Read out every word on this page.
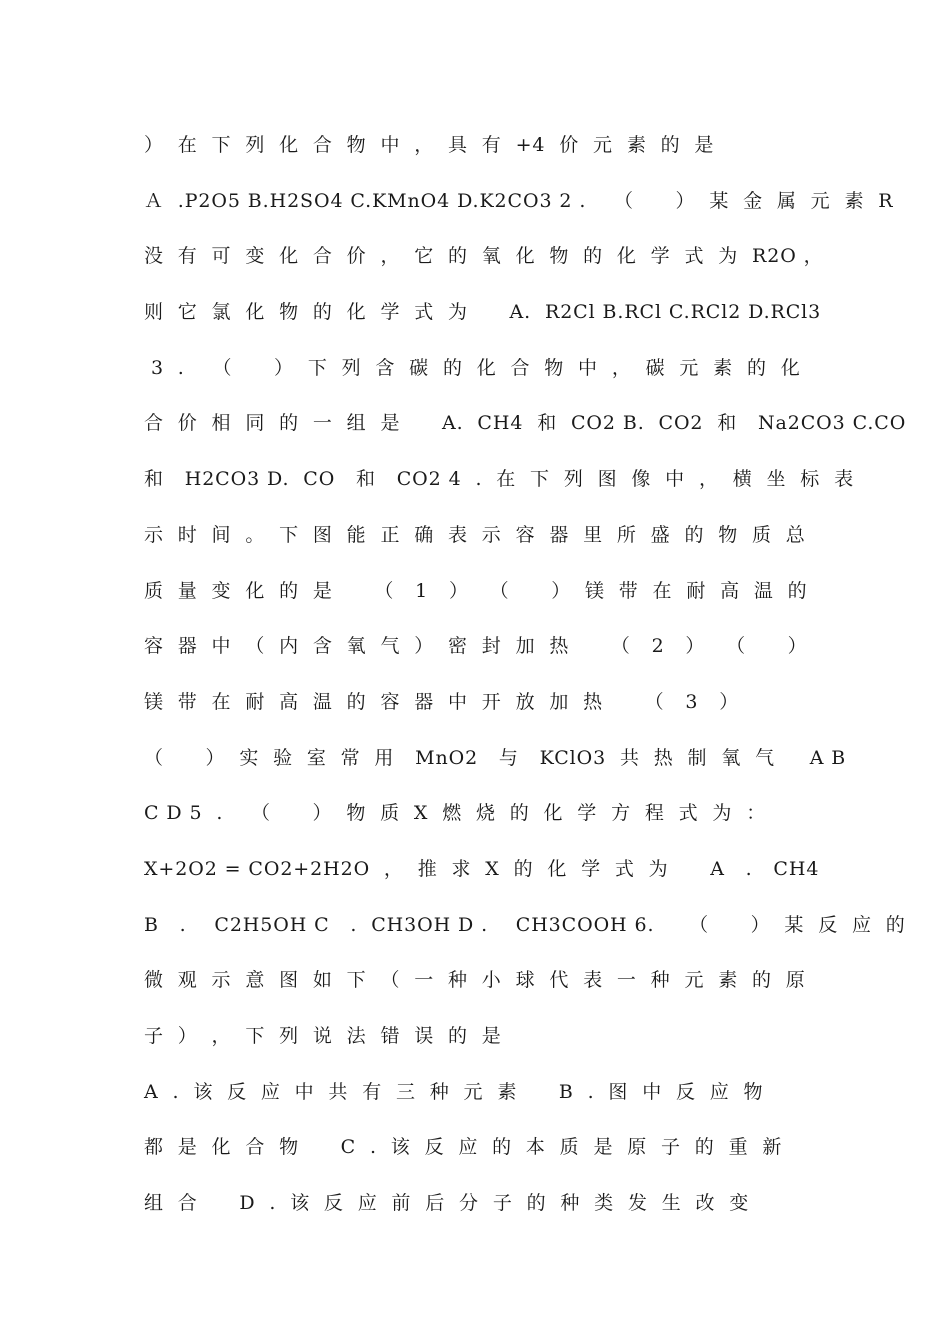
）  在  下  列  化  合  物  中  ，  具  有  +4  价  元  素  的  是
Ａ  .P2O5 B.H2SO4 C.KMnO4 D.K2CO3 2 .    （      ）  某  金  属  元  素  R
没  有  可  变  化  合  价  ，  它  的  氧  化  物  的  化  学  式  为  R2O ，
则  它  氯  化  物  的  化  学  式  为      A.  R2Cl B.RCl C.RCl2 D.RCl3
3  .    （      ）  下  列  含  碳  的  化  合  物  中  ，  碳  元  素  的  化
合  价  相  同  的  一  组  是      A.  CH4  和  CO2 B.  CO2  和   Na2CO3 C.CO
和   H2CO3 D.  CO   和   CO2 4  .  在  下  列  图  像  中  ，  横  坐  标  表
示  时  间  。  下  图  能  正  确  表  示  容  器  里  所  盛  的  物  质  总
质  量  变  化  的  是      （   1   ）   （      ）  镁  带  在  耐  高  温  的
容  器  中  （  内  含  氧  气  ）  密  封  加  热      （   2   ）   （      ）
镁  带  在  耐  高  温  的  容  器  中  开  放  加  热      （   3   ）
（      ）  实  验  室  常  用   MnO2   与   KClO3  共  热  制  氧  气     A B
C D 5  .    （      ）  物  质  X  燃  烧  的  化  学  方  程  式  为  ：
X+2O2 = CO2+2H2O  ，  推  求  X  的  化  学  式  为      A   .   CH4
B   .    C2H5OH C   .  CH3OH D .    CH3COOH 6.     （      ）  某  反  应  的
微  观  示  意  图  如  下  （  一  种  小  球  代  表  一  种  元  素  的  原
子  ）  ，  下  列  说  法  错  误  的  是
A  .  该  反  应  中  共  有  三  种  元  素      B  .  图  中  反  应  物
都  是  化  合  物      C  .  该  反  应  的  本  质  是  原  子  的  重  新
组  合      D  .  该  反  应  前  后  分  子  的  种  类  发  生  改  变
